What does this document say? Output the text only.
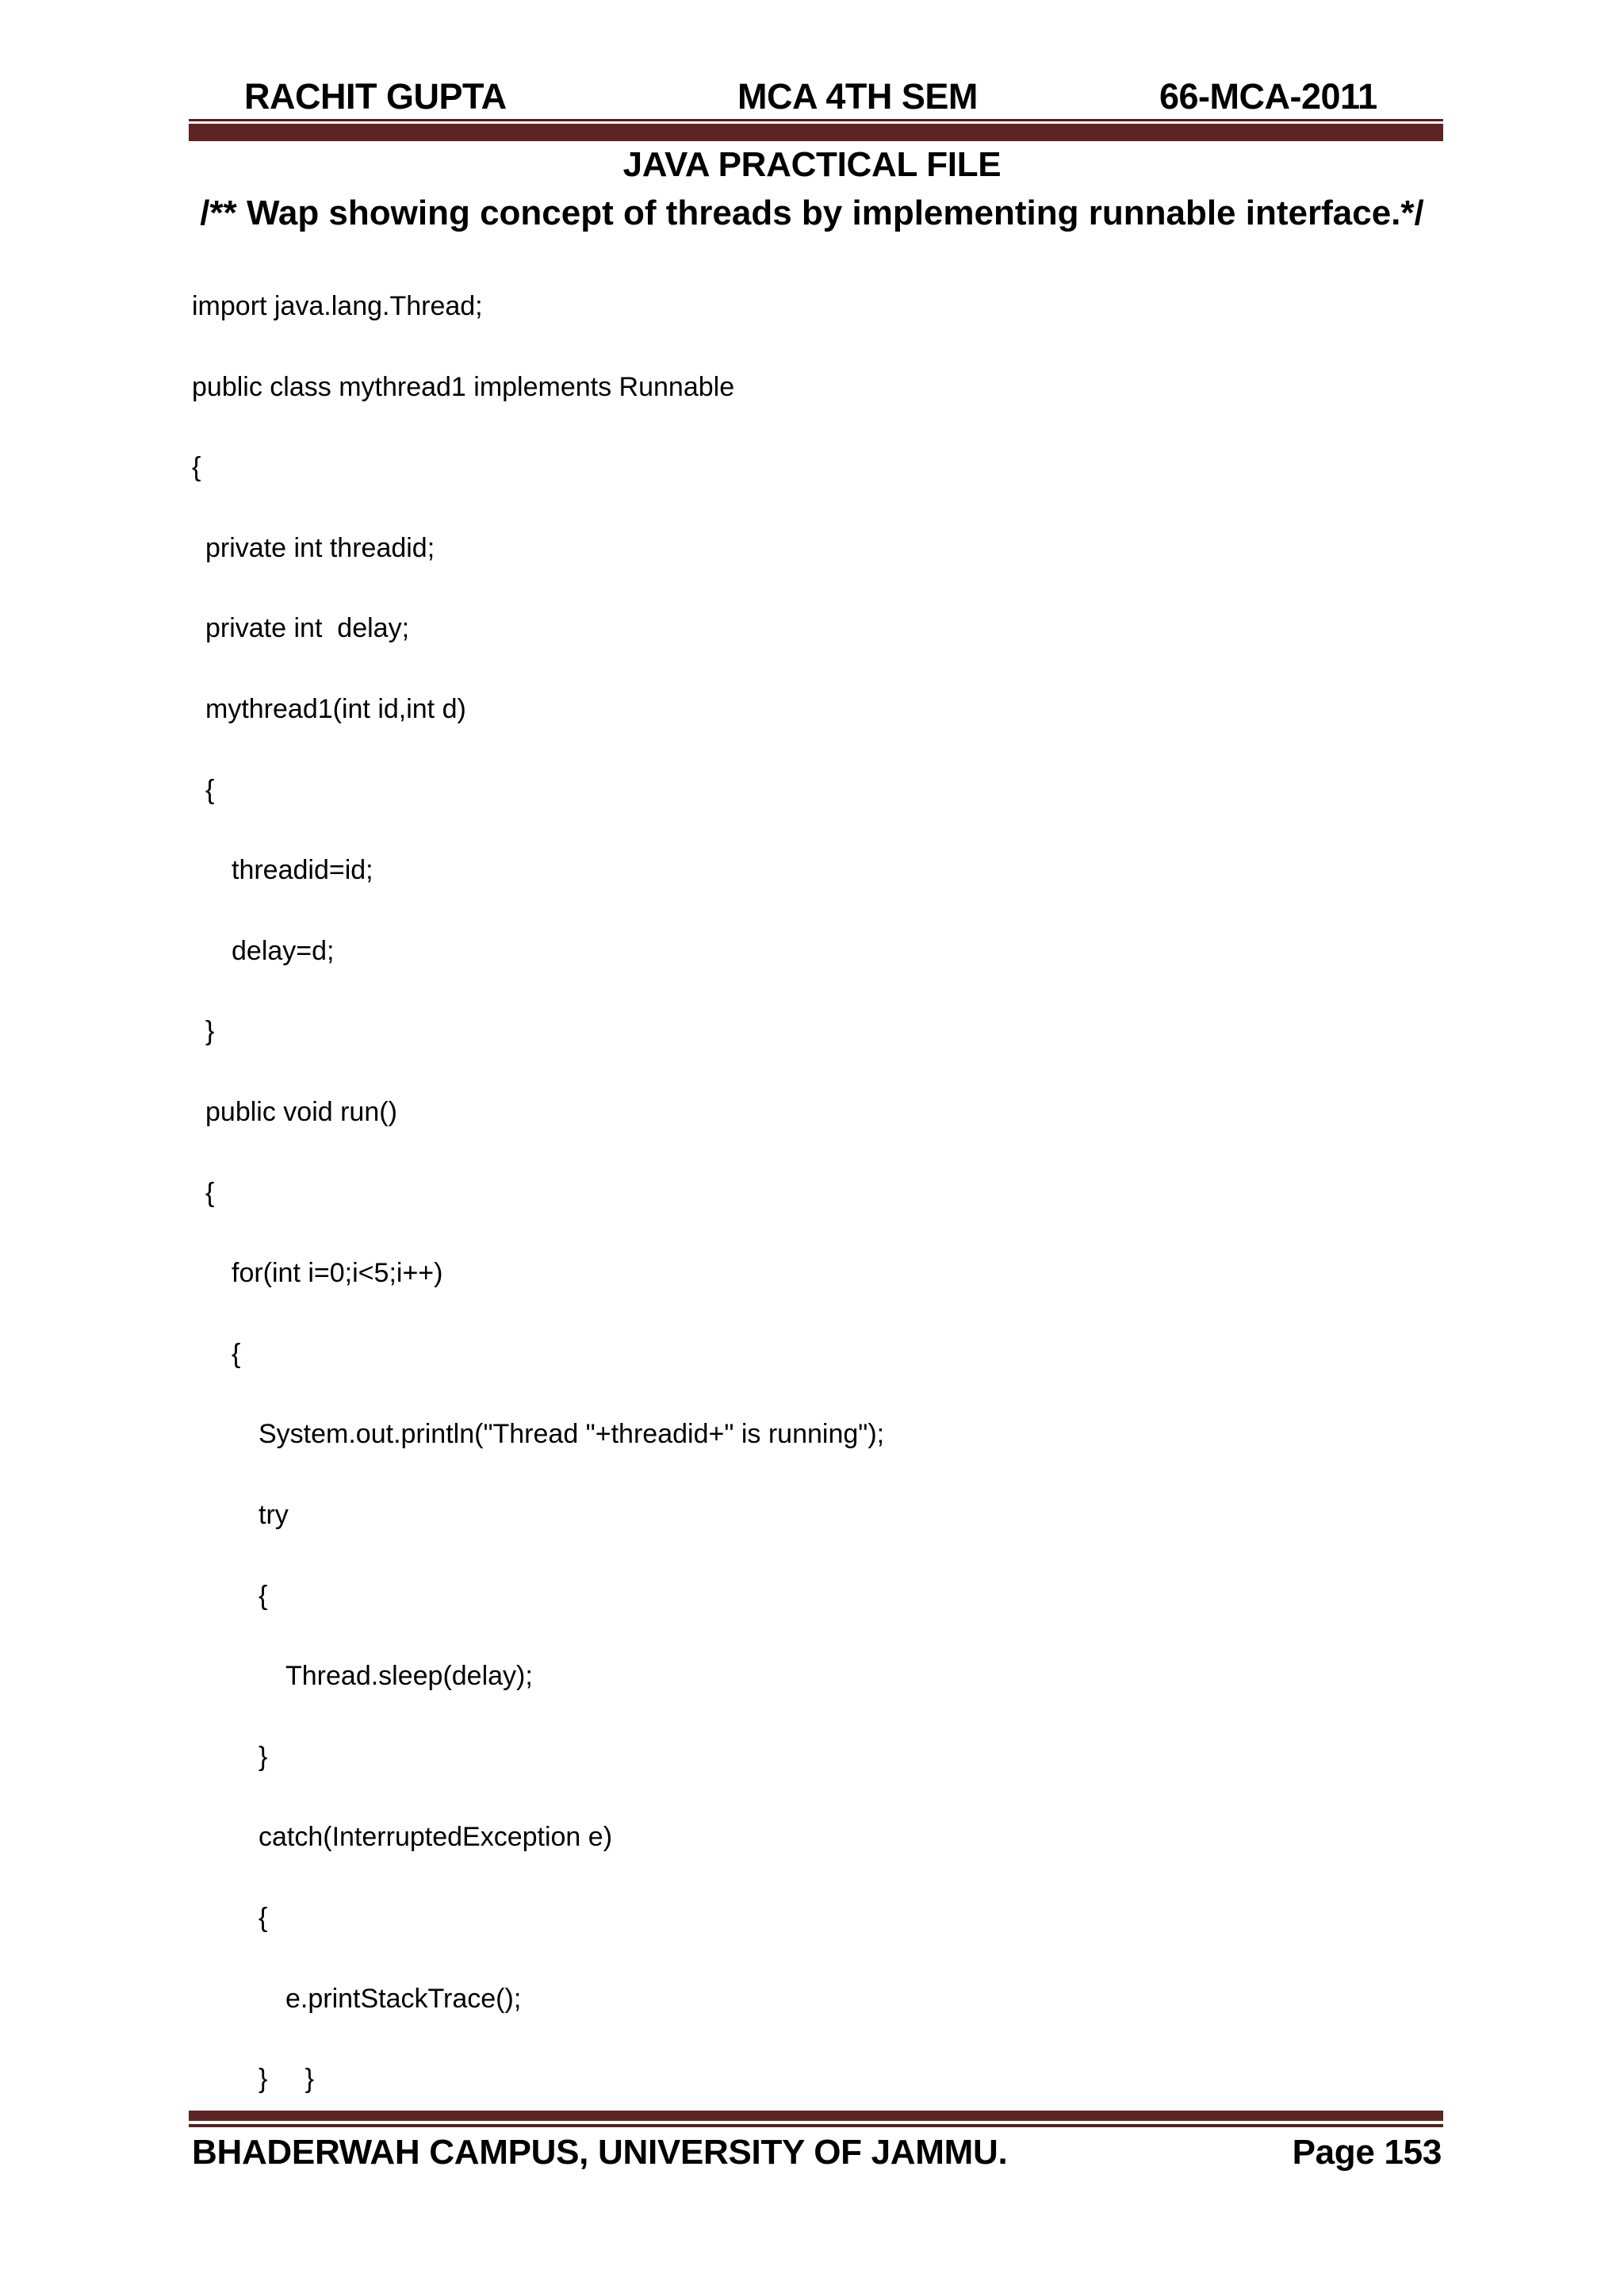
RACHIT GUPTA	MCA 4TH SEM	66-MCA-2011
JAVA PRACTICAL FILE
/** Wap showing concept of threads by implementing runnable interface.*/
import java.lang.Thread;
public class mythread1 implements Runnable
{
private int threadid;
private int  delay;
mythread1(int id,int d)
{
threadid=id;
delay=d;
}
public void run()
{
for(int i=0;i<5;i++)
{
System.out.println("Thread "+threadid+" is running");
try
{
Thread.sleep(delay);
}
catch(InterruptedException e)
{
e.printStackTrace();
}     }
BHADERWAH CAMPUS, UNIVERSITY OF JAMMU.	Page 153
